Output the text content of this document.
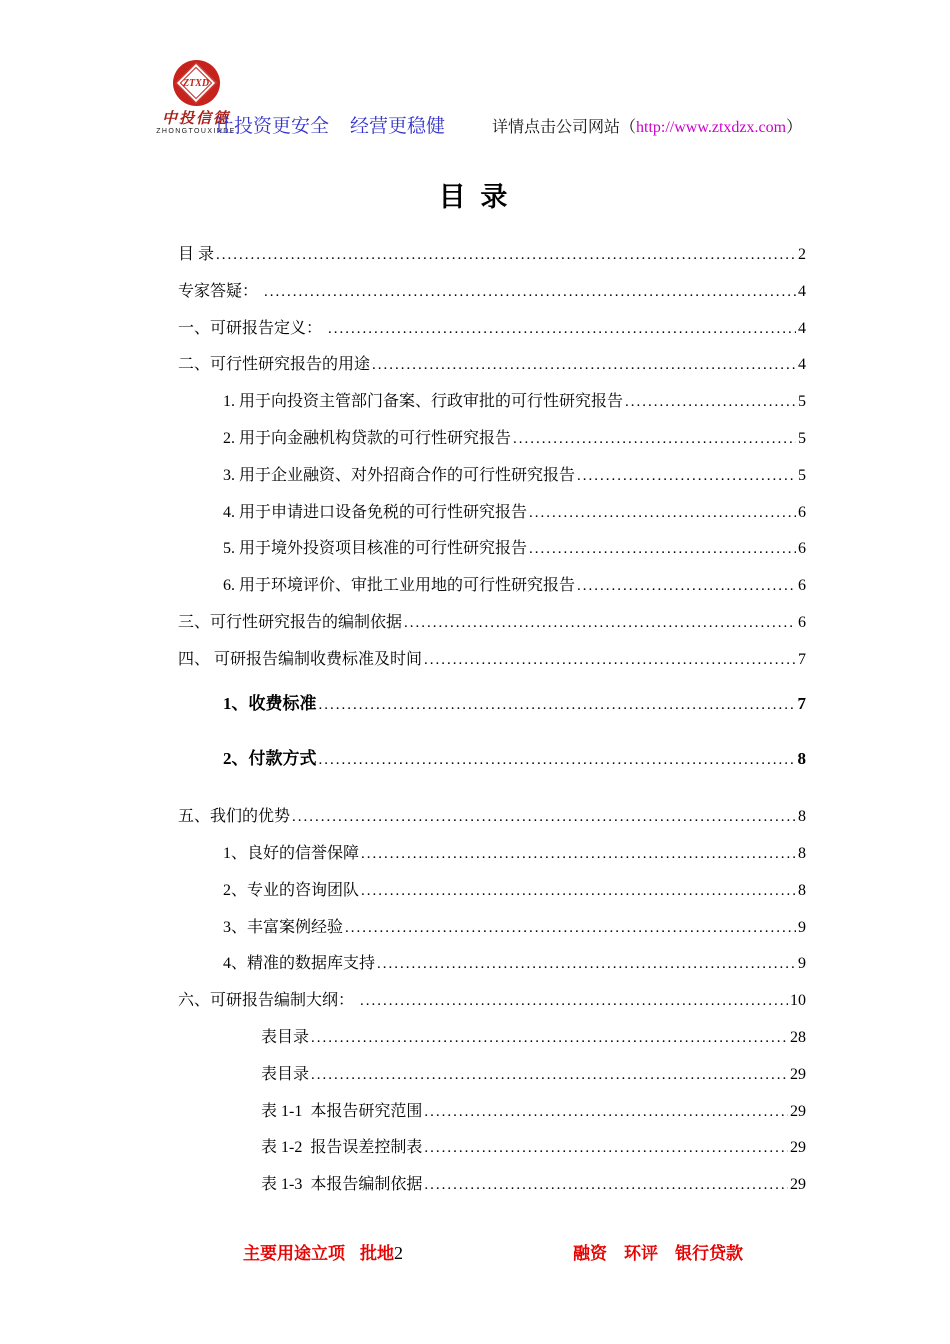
ZTXD
中投信德
ZHONGTOUXINDE
让投资更安全 经营更稳健	详情点击公司网站（http://www.ztxdzx.com）
目 录
目 录 .....	2
专家答疑： .....	4
一、可研报告定义： .....	4
二、可行性研究报告的用途 .....	4
1. 用于向投资主管部门备案、行政审批的可行性研究报告 .....	5
2. 用于向金融机构贷款的可行性研究报告 .....	5
3. 用于企业融资、对外招商合作的可行性研究报告 .....	5
4. 用于申请进口设备免税的可行性研究报告 .....	6
5. 用于境外投资项目核准的可行性研究报告 .....	6
6. 用于环境评价、审批工业用地的可行性研究报告 .....	6
三、可行性研究报告的编制依据 .....	6
四、 可研报告编制收费标准及时间 .....	7
1、收费标准 .....	7
2、付款方式 .....	8
五、我们的优势 .....	8
1、良好的信誉保障 .....	8
2、专业的咨询团队 .....	8
3、丰富案例经验 .....	9
4、精准的数据库支持 .....	9
六、可研报告编制大纲： .....	10
表目录 .....	28
表目录 .....	29
表 1-1  本报告研究范围 .....	29
表 1-2  报告误差控制表 .....	29
表 1-3  本报告编制依据 .....	29
主要用途立项 批地2	融资　环评　银行贷款
